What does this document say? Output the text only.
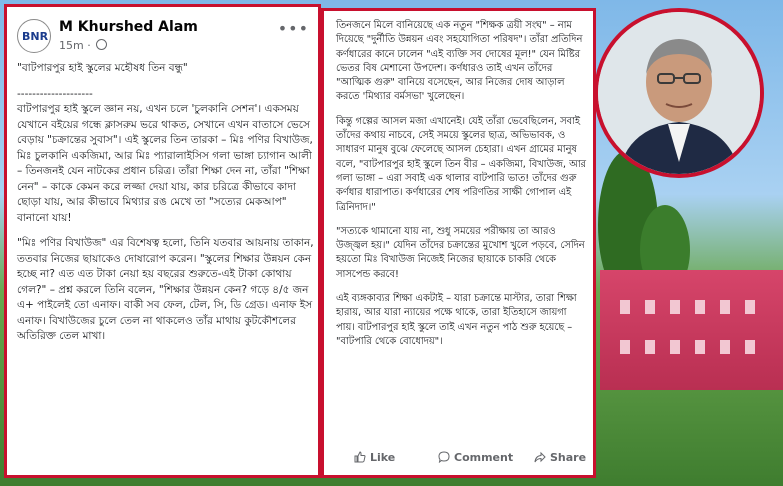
BNR
M Khurshed Alam
15m ·
•••

"বাটপারপুর হাই স্কুলের মহৌষধ তিন বন্ধু"

--------------------

বাটপারপুর হাই স্কুলে জ্ঞান নয়, এখন চলে 'চুলকানি সেশন'। একসময় যেখানে বইয়ের গন্ধে ক্লাসরুম ভরে থাকত, সেখানে এখন বাতাসে ভেসে বেড়ায় "চক্রান্তের সুবাস"। এই স্কুলের তিন তারকা – মিঃ পণির বিখাউজ, মিঃ চুলকানি একজিমা, আর মিঃ প্যারালাইসিস গলা ভাঙ্গা চ্যাগান আলী – তিনজনই যেন নাটকের প্রধান চরিত্র। তাঁরা শিক্ষা দেন না, তাঁরা "শিক্ষা নেন" – কাকে কেমন করে লজ্জা দেয়া যায়, কার চরিত্রে কীভাবে কাদা ছোড়া যায়, আর কীভাবে মিথ্যার রঙ মেখে তা "সত্যের মেকআপ" বানানো যায়!

"মিঃ পণির বিখাউজ" এর বিশেষত্ব হলো, তিনি যতবার আয়নায় তাকান, ততবার নিজের ছায়াকেও দোষারোপ করেন। "স্কুলের শিক্ষার উন্নয়ন কেন হচ্ছে না? এত এত টাকা নেয়া হয় বছরের শুরুতে-এই টাকা কোথায় গেল?" – প্রশ্ন করলে তিনি বলেন, "শিক্ষার উন্নয়ন কেন? গড়ে ৪/৫ জন এ+ পাইলেই তো এনাফ। বাকী সব ফেল, টেল, সি, ডি গ্রেড। এনাফ ইস এনাফ। বিখাউজের চুলে তেল না থাকলেও তাঁর মাথায় কুটকৌশলের অতিরিক্ত তেল মাখা।

তিনজনে মিলে বানিয়েছে এক নতুন "শিক্ষক ত্রয়ী সংঘ" – নাম দিয়েছে "দুর্নীতি উন্নয়ন এবং সহযোগিতা পরিষদ"। তাঁরা প্রতিদিন কর্ণধারের কানে ঢালেন "এই ব্যক্তি সব দোষের মূল!" যেন মিষ্টির ভেতর বিষ মেশানো উপদেশ। কর্ণধারও তাই এখন তাঁদের "আত্মিক গুরু" বানিয়ে বসেছেন, আর নিজের দোষ আড়াল করতে 'মিথ্যার বর্মসভা' খুলেছেন।

কিন্তু গল্পের আসল মজা এখানেই। যেই তাঁরা ভেবেছিলেন, সবাই তাঁদের কথায় নাচবে, সেই সময়ে স্কুলের ছাত্র, অভিভাবক, ও সাধারণ মানুষ বুঝে ফেলেছে আসল চেহারা। এখন গ্রামের মানুষ বলে, "বাটপারপুর হাই স্কুলে তিন বীর – একজিমা, বিখাউজ, আর গলা ভাঙ্গা – এরা সবাই এক থালার বাটপারি ভাত! তাঁদের গুরু কর্ণধার ধারাপাত। কর্ণধারের শেষ পরিণতির সাক্ষী গোপাল এই ত্রিনিদাদ।"

"সত্যকে থামানো যায় না, শুধু সময়ের পরীক্ষায় তা আরও উজ্জ্বল হয়।" যেদিন তাঁদের চক্রান্তের মুখোশ খুলে পড়বে, সেদিন হয়তো মিঃ বিখাউজ নিজেই নিজের ছায়াকে চাকরি থেকে সাসপেন্ড করবে!

এই ব্যঙ্গকাব্যর শিক্ষা একটাই – যারা চক্রান্তে মাস্টার, তারা শিক্ষা হারায়, আর যারা ন্যায়ের পক্ষে থাকে, তারা ইতিহাসে জায়গা পায়। বাটপারপুর হাই স্কুলে তাই এখন নতুন পাঠ শুরু হয়েছে – "বাটপারি থেকে বোধোদয়"।

Like	Comment	Share
